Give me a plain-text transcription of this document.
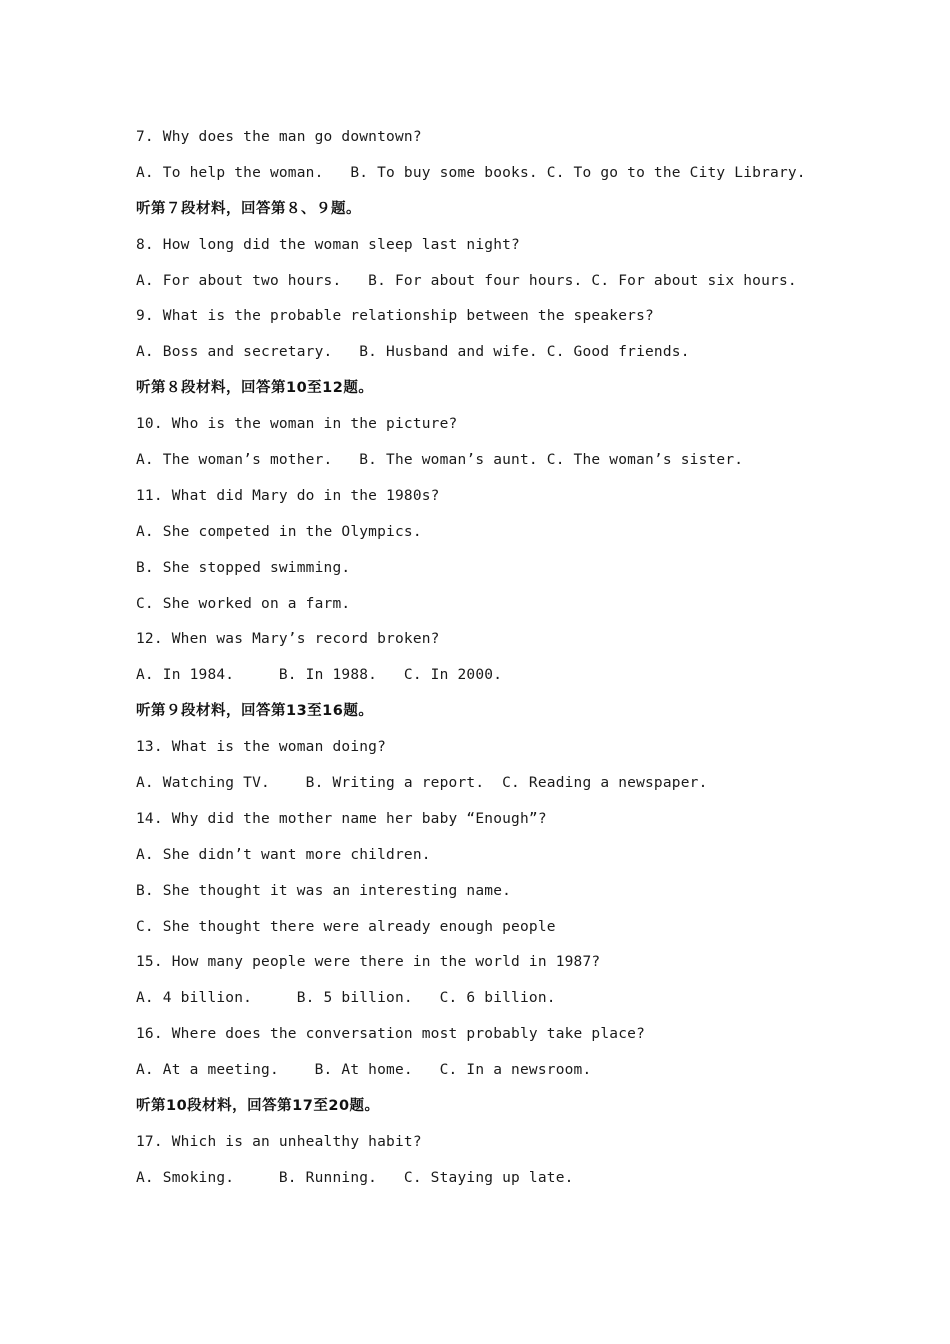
7. Why does the man go downtown?
A. To help the woman.   B. To buy some books. C. To go to the City Library.
听第７段材料，回答第８、９题。
8. How long did the woman sleep last night?
A. For about two hours.   B. For about four hours. C. For about six hours.
9. What is the probable relationship between the speakers?
A. Boss and secretary.   B. Husband and wife. C. Good friends.
听第８段材料，回答第10至12题。
10. Who is the woman in the picture?
A. The woman’s mother.   B. The woman’s aunt. C. The woman’s sister.
11. What did Mary do in the 1980s?
A. She competed in the Olympics.
B. She stopped swimming.
C. She worked on a farm.
12. When was Mary’s record broken?
A. In 1984.     B. In 1988.   C. In 2000.
听第９段材料，回答第13至16题。
13. What is the woman doing?
A. Watching TV.    B. Writing a report.  C. Reading a newspaper.
14. Why did the mother name her baby “Enough”?
A. She didn’t want more children.
B. She thought it was an interesting name.
C. She thought there were already enough people
15. How many people were there in the world in 1987?
A. 4 billion.     B. 5 billion.   C. 6 billion.
16. Where does the conversation most probably take place?
A. At a meeting.    B. At home.   C. In a newsroom.
听第10段材料，回答第17至20题。
17. Which is an unhealthy habit?
A. Smoking.     B. Running.   C. Staying up late.
